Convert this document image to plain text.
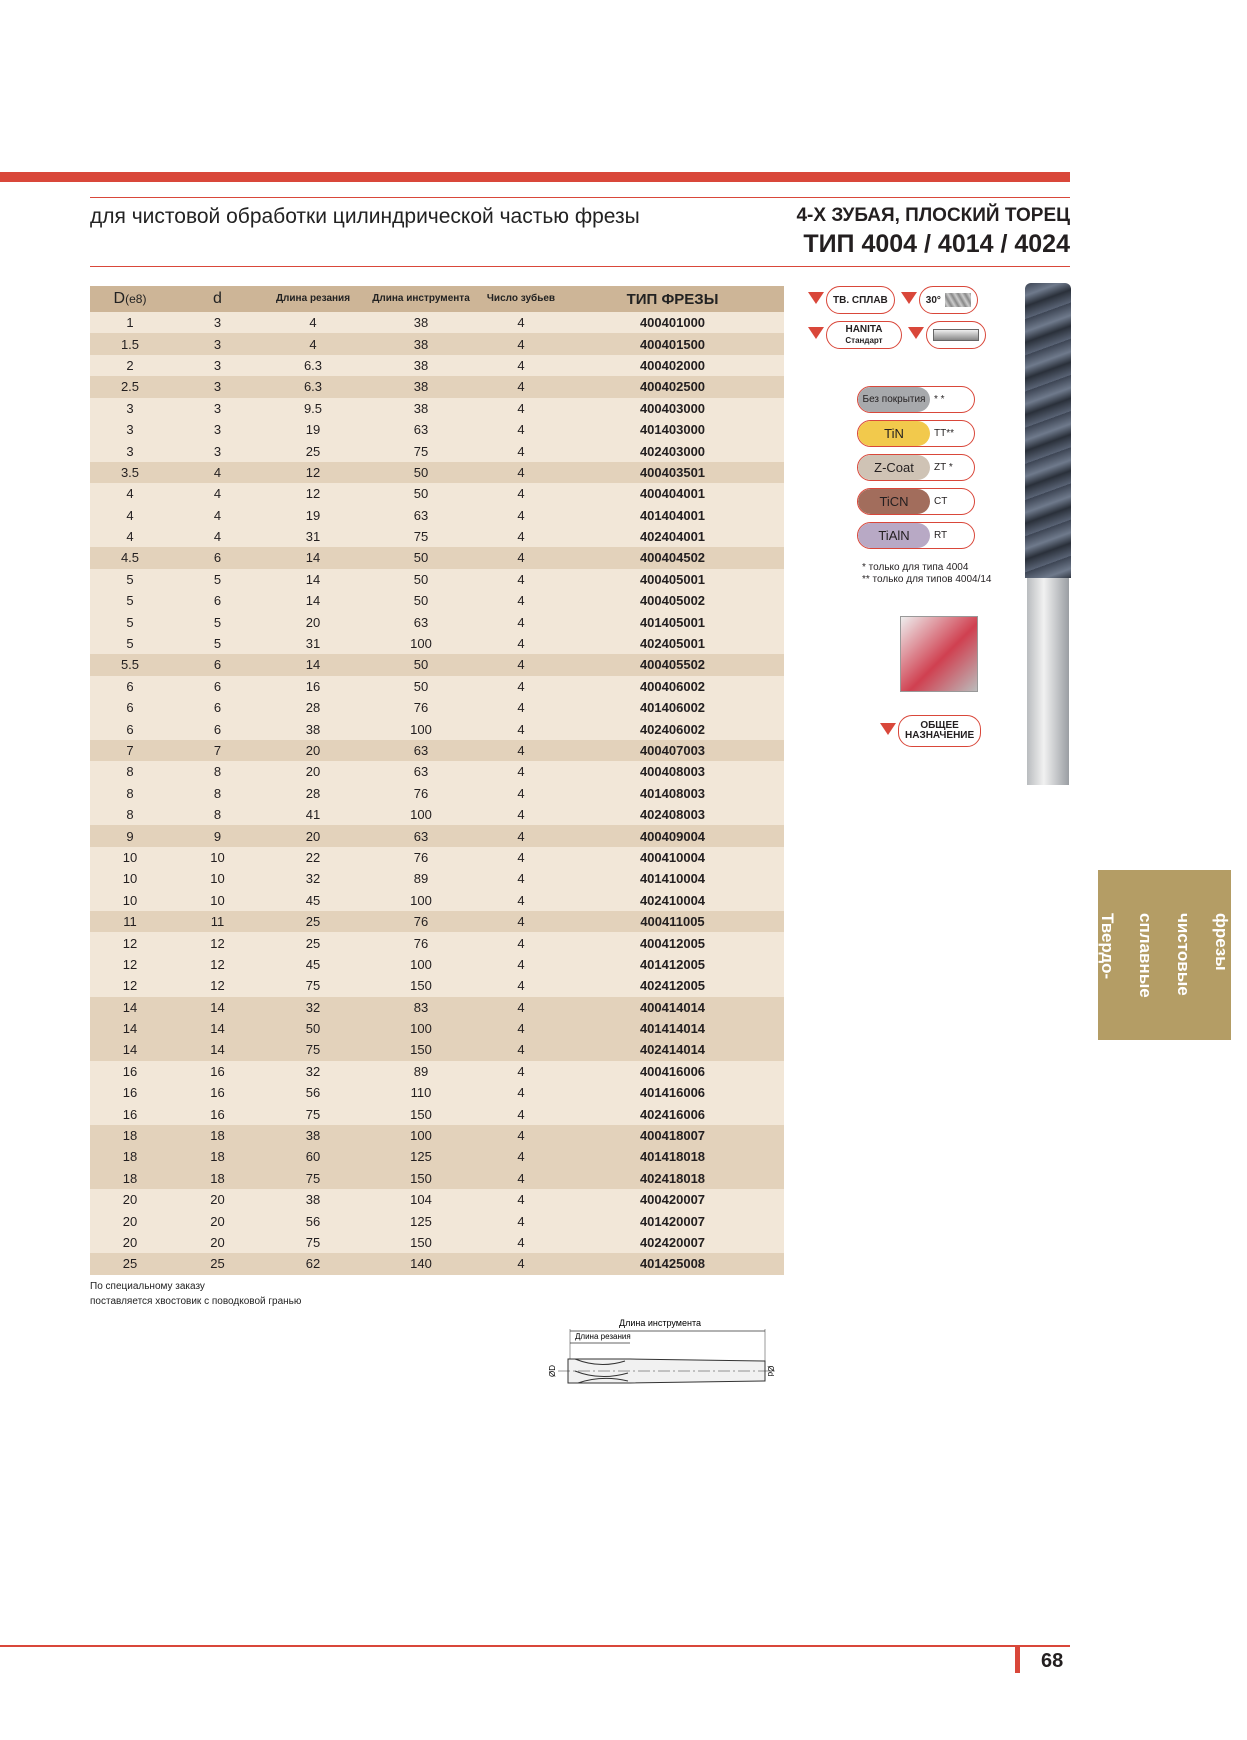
для чистовой обработки цилиндрической частью фрезы	4-Х ЗУБАЯ, ПЛОСКИЙ ТОРЕЦ
ТИП 4004 / 4014 / 4024
D(e8)	d	Длина резания	Длина инструмента	Число зубьев	ТИП ФРЕЗЫ
1	3	4	38	4	400401000
1.5	3	4	38	4	400401500
2	3	6.3	38	4	400402000
2.5	3	6.3	38	4	400402500
3	3	9.5	38	4	400403000
3	3	19	63	4	401403000
3	3	25	75	4	402403000
3.5	4	12	50	4	400403501
4	4	12	50	4	400404001
4	4	19	63	4	401404001
4	4	31	75	4	402404001
4.5	6	14	50	4	400404502
5	5	14	50	4	400405001
5	6	14	50	4	400405002
5	5	20	63	4	401405001
5	5	31	100	4	402405001
5.5	6	14	50	4	400405502
6	6	16	50	4	400406002
6	6	28	76	4	401406002
6	6	38	100	4	402406002
7	7	20	63	4	400407003
8	8	20	63	4	400408003
8	8	28	76	4	401408003
8	8	41	100	4	402408003
9	9	20	63	4	400409004
10	10	22	76	4	400410004
10	10	32	89	4	401410004
10	10	45	100	4	402410004
11	11	25	76	4	400411005
12	12	25	76	4	400412005
12	12	45	100	4	401412005
12	12	75	150	4	402412005
14	14	32	83	4	400414014
14	14	50	100	4	401414014
14	14	75	150	4	402414014
16	16	32	89	4	400416006
16	16	56	110	4	401416006
16	16	75	150	4	402416006
18	18	38	100	4	400418007
18	18	60	125	4	401418018
18	18	75	150	4	402418018
20	20	38	104	4	400420007
20	20	56	125	4	401420007
20	20	75	150	4	402420007
25	25	62	140	4	401425008
По специальному заказу
поставляется хвостовик с поводковой гранью
ТВ. СПЛАВ	30°
HANITA
Стандарт
Без покрытия * *
TiN	TT**
Z-Coat	ZT *
TiCN	CT
TiAlN	RT
* только для типа 4004
** только для типов 4004/14
ОБЩЕЕ
НАЗНАЧЕНИЕ
Твердо- сплавные чистовые фрезы
Длина инструмента
Длина резания
ØD	Ød
68
